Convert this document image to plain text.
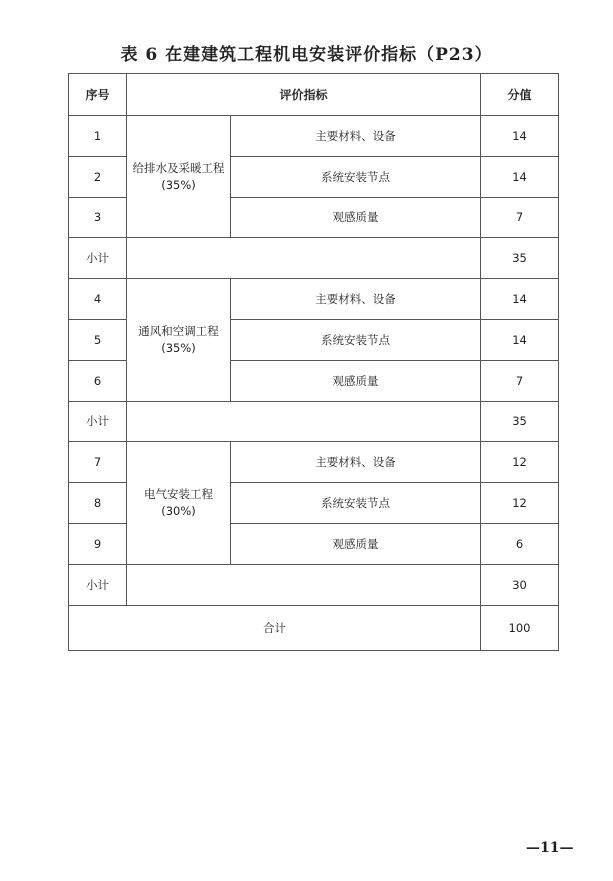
表 6 在建建筑工程机电安装评价指标（P23）
序号	评价指标		分值
1	给排水及采暖工程(35%)	主要材料、设备	14
2		系统安装节点	14
3		观感质量	7
小计			35
4	通风和空调工程(35%)	主要材料、设备	14
5		系统安装节点	14
6		观感质量	7
小计			35
7	电气安装工程(30%)	主要材料、设备	12
8		系统安装节点	12
9		观感质量	6
小计			30
合计			100
—11—
